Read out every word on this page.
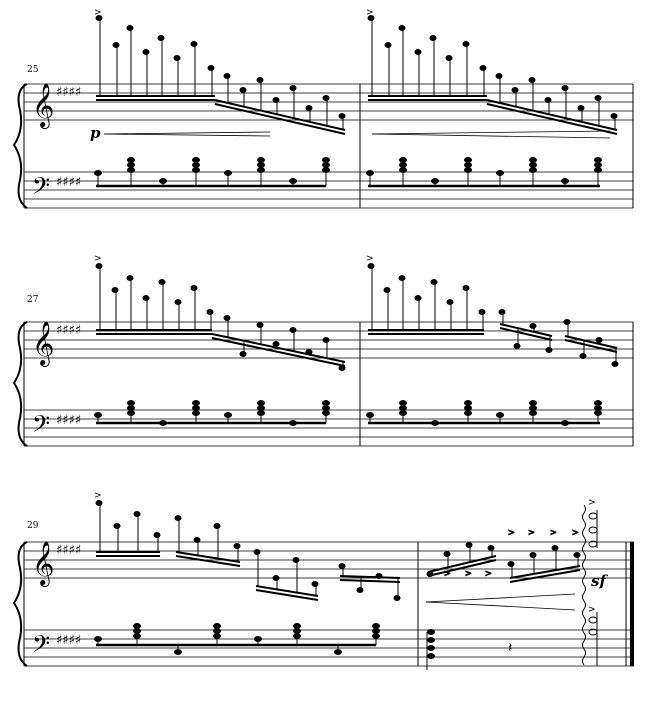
25
𝄞
𝄢
♯♯♯♯
♯♯♯♯
>	>
p
27
𝄞
𝄢
♯♯♯♯
♯♯♯♯
>	>
29
𝄞
𝄢
♯♯♯♯
♯♯♯♯
>
> > >
> > > >
>
>
sf
𝄽
